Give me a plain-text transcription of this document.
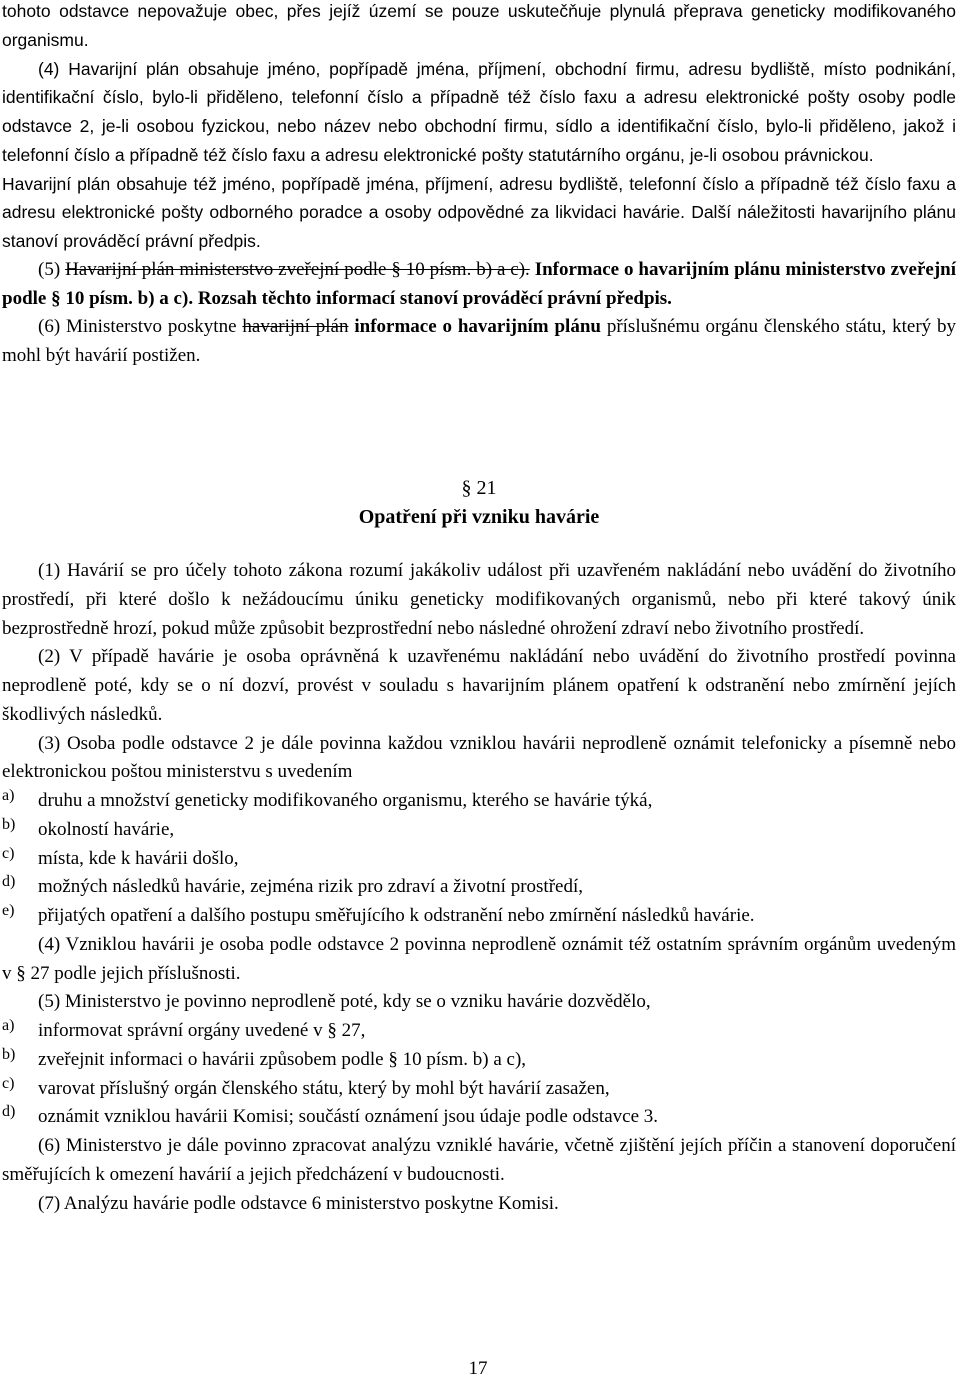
tohoto odstavce nepovažuje obec, přes jejíž území se pouze uskutečňuje plynulá přeprava geneticky modifikovaného organismu.

(4) Havarijní plán obsahuje jméno, popřípadě jména, příjmení, obchodní firmu, adresu bydliště, místo podnikání, identifikační číslo, bylo-li přiděleno, telefonní číslo a případně též číslo faxu a adresu elektronické pošty osoby podle odstavce 2, je-li osobou fyzickou, nebo název nebo obchodní firmu, sídlo a identifikační číslo, bylo-li přiděleno, jakož i telefonní číslo a případně též číslo faxu a adresu elektronické pošty statutárního orgánu, je-li osobou právnickou.

Havarijní plán obsahuje též jméno, popřípadě jména, příjmení, adresu bydliště, telefonní číslo a případně též číslo faxu a adresu elektronické pošty odborného poradce a osoby odpovědné za likvidaci havárie. Další náležitosti havarijního plánu stanoví prováděcí právní předpis.

(5) Havarijní plán ministerstvo zveřejní podle § 10 písm. b) a c). Informace o havarijním plánu ministerstvo zveřejní podle § 10 písm. b) a c). Rozsah těchto informací stanoví prováděcí právní předpis.

(6) Ministerstvo poskytne havarijní plán informace o havarijním plánu příslušnému orgánu členského státu, který by mohl být havárií postižen.

§ 21

Opatření při vzniku havárie

(1) Havárií se pro účely tohoto zákona rozumí jakákoliv událost při uzavřeném nakládání nebo uvádění do životního prostředí, při které došlo k nežádoucímu úniku geneticky modifikovaných organismů, nebo při které takový únik bezprostředně hrozí, pokud může způsobit bezprostřední nebo následné ohrožení zdraví nebo životního prostředí.

(2) V případě havárie je osoba oprávněná k uzavřenému nakládání nebo uvádění do životního prostředí povinna neprodleně poté, kdy se o ní dozví, provést v souladu s havarijním plánem opatření k odstranění nebo zmírnění jejích škodlivých následků.

(3) Osoba podle odstavce 2 je dále povinna každou vzniklou havárii neprodleně oznámit telefonicky a písemně nebo elektronickou poštou ministerstvu s uvedením

a)	druhu a množství geneticky modifikovaného organismu, kterého se havárie týká,

b)	okolností havárie,

c)	místa, kde k havárii došlo,

d)	možných následků havárie, zejména rizik pro zdraví a životní prostředí,

e)	přijatých opatření a dalšího postupu směřujícího k odstranění nebo zmírnění následků havárie.

(4) Vzniklou havárii je osoba podle odstavce 2 povinna neprodleně oznámit též ostatním správním orgánům uvedeným v § 27 podle jejich příslušnosti.

(5) Ministerstvo je povinno neprodleně poté, kdy se o vzniku havárie dozvědělo,

a)	informovat správní orgány uvedené v § 27,

b)	zveřejnit informaci o havárii způsobem podle § 10 písm. b) a c),

c)	varovat příslušný orgán členského státu, který by mohl být havárií zasažen,

d)	oznámit vzniklou havárii Komisi; součástí oznámení jsou údaje podle odstavce 3.

(6) Ministerstvo je dále povinno zpracovat analýzu vzniklé havárie, včetně zjištění jejích příčin a stanovení doporučení směřujících k omezení havárií a jejich předcházení v budoucnosti.

(7) Analýzu havárie podle odstavce 6 ministerstvo poskytne Komisi.

17
